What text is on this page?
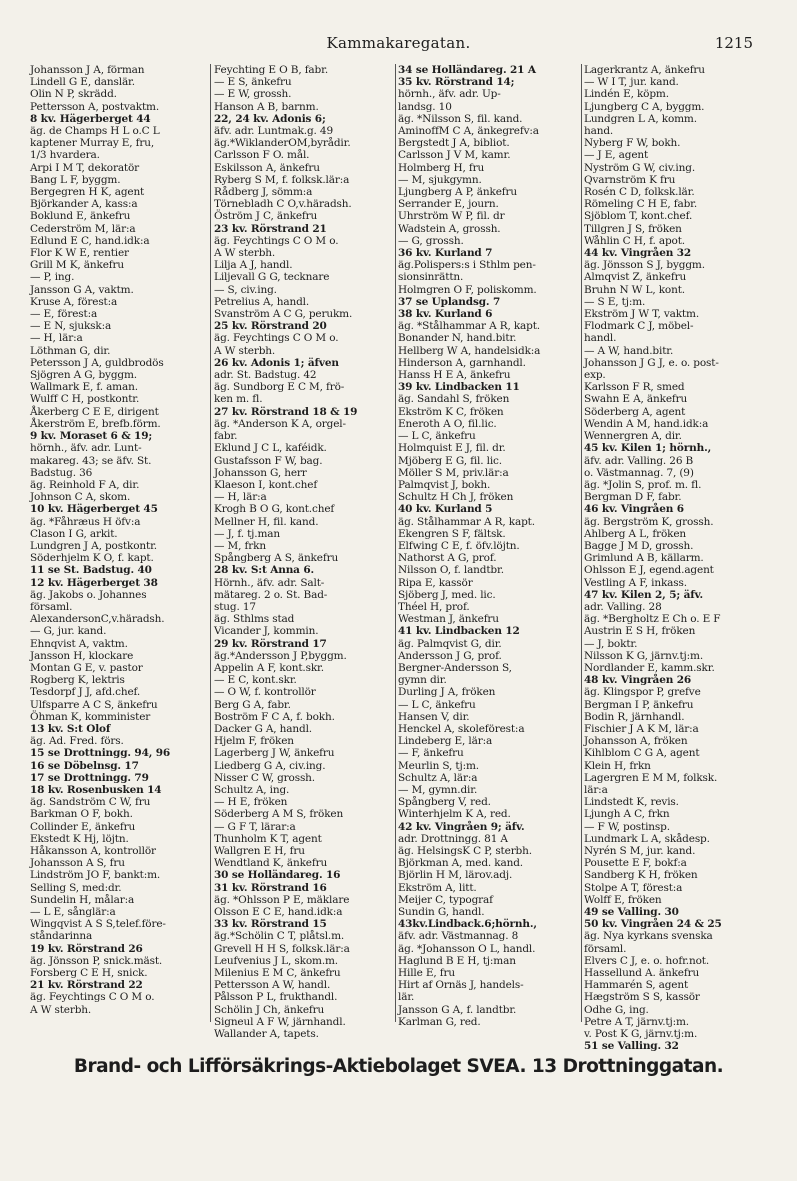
Kammakaregatan.	1215
Johansson J A, förman
Lindell G E, danslär.
Olin N P, skrädd.
Pettersson A, postvaktm.
8 kv. Hägerberget 44
äg. de Champs H L o.C L
kaptener Murray E, fru,
1/3 hvardera.
Arpi I M T, dekoratör
Bang L F, byggm.
Bergegren H K, agent
Björkander A, kass:a
Boklund E, änkefru
Cederström M, lär:a
Edlund E C, hand.idk:a
Flor K W E, rentier
Grill M K, änkefru
— P, ing.
Jansson G A, vaktm.
Kruse A, förest:a
— E, förest:a
— E N, sjuksk:a
— H, lär:a
Löthman G, dir.
Petersson J A, guldbrodös
Sjögren A G, byggm.
Wallmark E, f. aman.
Wulff C H, postkontr.
Åkerberg C E E, dirigent
Åkerström E, brefb.förm.
9 kv. Moraset 6 & 19;
hörnh., äfv. adr. Lunt-
makareg. 43; se äfv. St.
Badstug. 36
äg. Reinhold F A, dir.
Johnson C A, skom.
10 kv. Hägerberget 45
äg. *Fåhræus H öfv:a
Clason I G, arkit.
Lundgren J A, postkontr.
Söderhjelm K O, f. kapt.
11 se St. Badstug. 40
12 kv. Hägerberget 38
äg. Jakobs o. Johannes
församl.
AlexandersonC,v.häradsh.
— G, jur. kand.
Ehnqvist A, vaktm.
Jansson H, klockare
Montan G E, v. pastor
Rogberg K, lektris
Tesdorpf J J, afd.chef.
Ulfsparre A C S, änkefru
Öhman K, komminister
13 kv. S:t Olof
äg. Ad. Fred. förs.
15 se Drottningg. 94, 96
16 se Döbelnsg. 17
17 se Drottningg. 79
18 kv. Rosenbusken 14
äg. Sandström C W, fru
Barkman O F, bokh.
Collinder E, änkefru
Ekstedt K Hj, löjtn.
Håkansson A, kontrollör
Johansson A S, fru
Lindström JO F, bankt:m.
Selling S, med:dr.
Sundelin H, målar:a
— L E, sånglär:a
Wingqvist A S S,telef.före-
ståndarinna
19 kv. Rörstrand 26
äg. Jönsson P, snick.mäst.
Forsberg C E H, snick.
21 kv. Rörstrand 22
äg. Feychtings C O M o.
A W sterbh.
Feychting E O B, fabr.
— E S, änkefru
— E W, grossh.
Hanson A B, barnm.
22, 24 kv. Adonis 6;
äfv. adr. Luntmak.g. 49
äg.*WiklanderOM,byrådir.
Carlsson F O. mål.
Eskilsson A, änkefru
Ryberg S M, f. folksk.lär:a
Rådberg J, sömm:a
Törnebladh C O,v.häradsh.
Öström J C, änkefru
23 kv. Rörstrand 21
äg. Feychtings C O M o.
A W sterbh.
Lilja A J, handl.
Liljevall G G, tecknare
— S, civ.ing.
Petrelius A, handl.
Svanström A C G, perukm.
25 kv. Rörstrand 20
äg. Feychtings C O M o.
A W sterbh.
26 kv. Adonis 1; äfven
adr. St. Badstug. 42
äg. Sundborg E C M, frö-
ken m. fl.
27 kv. Rörstrand 18 & 19
äg. *Anderson K A, orgel-
fabr.
Eklund J C L, kaféidk.
Gustafsson F W, bag.
Johansson G, herr
Klaeson I, kont.chef
— H, lär:a
Krogh B O G, kont.chef
Mellner H, fil. kand.
— J, f. tj.man
— M, frkn
Spångberg A S, änkefru
28 kv. S:t Anna 6.
Hörnh., äfv. adr. Salt-
mätareg. 2 o. St. Bad-
stug. 17
äg. Sthlms stad
Vicander J, kommin.
29 kv. Rörstrand 17
äg.*Andersson J P,byggm.
Appelin A F, kont.skr.
— E C, kont.skr.
— O W, f. kontrollör
Berg G A, fabr.
Boström F C A, f. bokh.
Dacker G A, handl.
Hjelm F, fröken
Lagerberg J W, änkefru
Liedberg G A, civ.ing.
Nisser C W, grossh.
Schultz A, ing.
— H E, fröken
Söderberg A M S, fröken
— G F T, lärar:a
Thunholm K T, agent
Wallgren E H, fru
Wendtland K, änkefru
30 se Holländareg. 16
31 kv. Rörstrand 16
äg. *Ohlsson P E, mäklare
Olsson E C E, hand.idk:a
33 kv. Rörstrand 15
äg.*Schölin C T, plåtsl.m.
Grevell H H S, folksk.lär:a
Leufvenius J L, skom.m.
Milenius E M C, änkefru
Pettersson A W, handl.
Pålsson P L, frukthandl.
Schölin J Ch, änkefru
Signeul A F W, järnhandl.
Wallander A, tapets.
34 se Holländareg. 21 A
35 kv. Rörstrand 14;
hörnh., äfv. adr. Up-
landsg. 10
äg. *Nilsson S, fil. kand.
AminoffM C A, änkegrefv:a
Bergstedt J A, bibliot.
Carlsson J V M, kamr.
Holmberg H, fru
— M, sjukgymn.
Ljungberg A P, änkefru
Serrander E, journ.
Uhrström W P, fil. dr
Wadstein A, grossh.
— G, grossh.
36 kv. Kurland 7
äg.Polispers:s i Sthlm pen-
sionsinrättn.
Holmgren O F, poliskomm.
37 se Uplandsg. 7
38 kv. Kurland 6
äg. *Stålhammar A R, kapt.
Bonander N, hand.bitr.
Hellberg W A, handelsidk:a
Hinderson A, garnhandl.
Hanss H E A, änkefru
39 kv. Lindbacken 11
äg. Sandahl S, fröken
Ekström K C, fröken
Eneroth A O, fil.lic.
— L C, änkefru
Holmquist E J, fil. dr.
Mjöberg E G, fil. lic.
Möller S M, priv.lär:a
Palmqvist J, bokh.
Schultz H Ch J, fröken
40 kv. Kurland 5
äg. Stålhammar A R, kapt.
Ekengren S F, fältsk.
Elfwing C E, f. öfv.löjtn.
Nathorst A G, prof.
Nilsson O, f. landtbr.
Ripa E, kassör
Sjöberg J, med. lic.
Théel H, prof.
Westman J, änkefru
41 kv. Lindbacken 12
äg. Palmqvist G, dir.
Andersson J G, prof.
Bergner-Andersson S,
gymn dir.
Durling J A, fröken
— L C, änkefru
Hansen V, dir.
Henckel A, skoleförest:a
Lindeberg E, lär:a
— F, änkefru
Meurlin S, tj:m.
Schultz A, lär:a
— M, gymn.dir.
Spångberg V, red.
Winterhjelm K A, red.
42 kv. Vingråen 9; äfv.
adr. Drottningg. 81 A
äg. HelsingsK C P, sterbh.
Björkman A, med. kand.
Björlin H M, lärov.adj.
Ekström A, litt.
Meijer C, typograf
Sundin G, handl.
43kv.Lindback.6;hörnh.,
äfv. adr. Västmannag. 8
äg. *Johansson O L, handl.
Haglund B E H, tj:man
Hille E, fru
Hirt af Ornäs J, handels-
lär.
Jansson G A, f. landtbr.
Karlman G, red.
Lagerkrantz A, änkefru
— W I T, jur. kand.
Lindén E, köpm.
Ljungberg C A, byggm.
Lundgren L A, komm.
hand.
Nyberg F W, bokh.
— J E, agent
Nyström G W, civ.ing.
Qvarnström K fru
Rosén C D, folksk.lär.
Römeling C H E, fabr.
Sjöblom T, kont.chef.
Tillgren J S, fröken
Wåhlin C H, f. apot.
44 kv. Vingråen 32
äg. Jönsson S J, byggm.
Almqvist Z, änkefru
Bruhn N W L, kont.
— S E, tj:m.
Ekström J W T, vaktm.
Flodmark C J, möbel-
handl.
— A W, hand.bitr.
Johansson J G J, e. o. post-
exp.
Karlsson F R, smed
Swahn E A, änkefru
Söderberg A, agent
Wendin A M, hand.idk:a
Wennergren A, dir.
45 kv. Kilen 1; hörnh.,
äfv. adr. Valling. 26 B
o. Västmannag. 7, (9)
äg. *Jolin S, prof. m. fl.
Bergman D F, fabr.
46 kv. Vingråen 6
äg. Bergström K, grossh.
Ahlberg A L, fröken
Bagge J M D, grossh.
Grimlund A B, källarm.
Ohlsson E J, egend.agent
Vestling A F, inkass.
47 kv. Kilen 2, 5; äfv.
adr. Valling. 28
äg. *Bergholtz E Ch o. E F
Austrin E S H, fröken
— J, boktr.
Nilsson K G, järnv.tj:m.
Nordlander E, kamm.skr.
48 kv. Vingråen 26
äg. Klingspor P, grefve
Bergman I P, änkefru
Bodin R, järnhandl.
Fischier J A K M, lär:a
Johansson A, fröken
Kihlblom C G A, agent
Klein H, frkn
Lagergren E M M, folksk.
lär:a
Lindstedt K, revis.
Ljungh A C, frkn
— F W, postinsp.
Lundmark L A, skådesp.
Nyrén S M, jur. kand.
Pousette E F, bokf:a
Sandberg K H, fröken
Stolpe A T, förest:a
Wolff E, fröken
49 se Valling. 30
50 kv. Vingråen 24 & 25
äg. Nya kyrkans svenska
församl.
Elvers C J, e. o. hofr.not.
Hassellund A. änkefru
Hammarén S, agent
Hægström S S, kassör
Odhe G, ing.
Petre A T, järnv.tj:m.
v. Post K G, järnv.tj:m.
51 se Valling. 32
Brand- och Lifförsäkrings-Aktiebolaget SVEA. 13 Drottninggatan.
